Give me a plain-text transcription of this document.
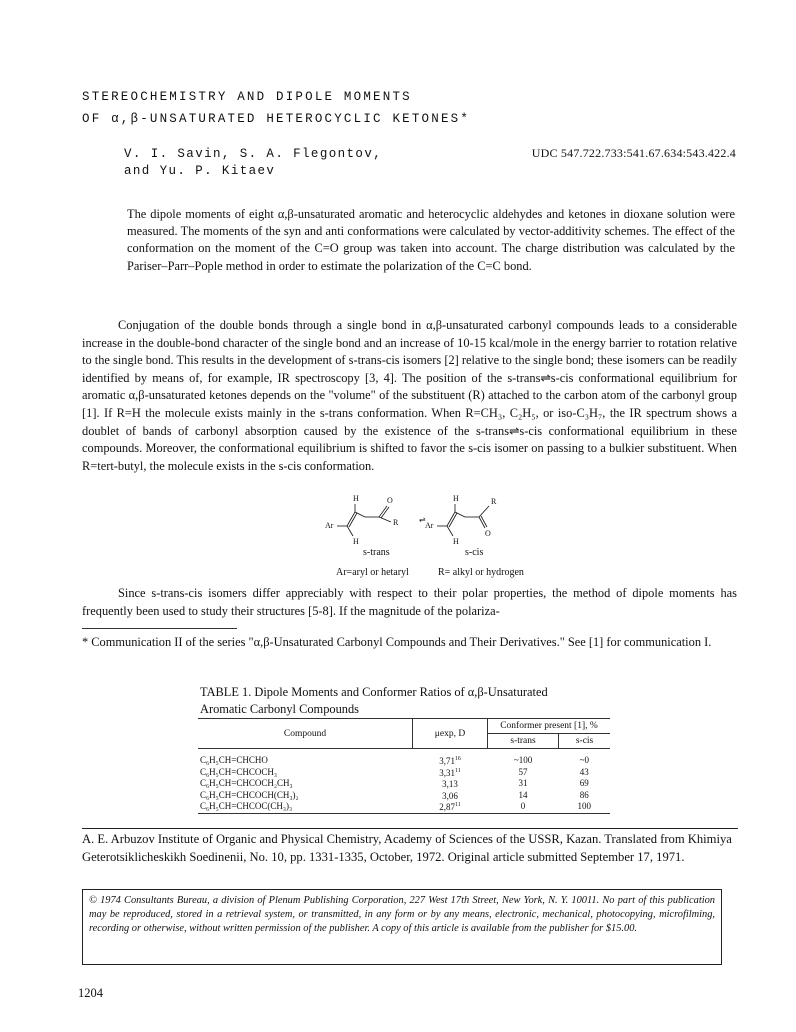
STEREOCHEMISTRY AND DIPOLE MOMENTS
OF α,β-UNSATURATED HETEROCYCLIC KETONES*
V. I. Savin, S. A. Flegontov,
and Yu. P. Kitaev
UDC 547.722.733:541.67.634:543.422.4
The dipole moments of eight α,β-unsaturated aromatic and heterocyclic aldehydes and ketones in dioxane solution were measured. The moments of the syn and anti conformations were calculated by vector-additivity schemes. The effect of the conformation on the moment of the C=O group was taken into account. The charge distribution was calculated by the Pariser–Parr–Pople method in order to estimate the polarization of the C=C bond.
Conjugation of the double bonds through a single bond in α,β-unsaturated carbonyl compounds leads to a considerable increase in the double-bond character of the single bond and an increase of 10-15 kcal/mole in the energy barrier to rotation relative to the single bond. This results in the development of s-trans-cis isomers [2] relative to the single bond; these isomers can be readily identified by means of, for example, IR spectroscopy [3, 4]. The position of the s-trans⇌s-cis conformational equilibrium for aromatic α,β-unsaturated ketones depends on the "volume" of the substituent (R) attached to the carbon atom of the carbonyl group [1]. If R=H the molecule exists mainly in the s-trans conformation. When R=CH₃, C₂H₅, or iso-C₃H₇, the IR spectrum shows a doublet of bands of carbonyl absorption caused by the existence of the s-trans⇌s-cis conformational equilibrium in these compounds. Moreover, the conformational equilibrium is shifted to favor the s-cis isomer on passing to a bulkier substituent. When R=tert-butyl, the molecule exists in the s-cis conformation.
H	O
R
Ar
H
⇌
H	R
O
Ar
H
s-trans	s-cis
Ar=aryl or hetaryl	R= alkyl or hydrogen
Since s-trans-cis isomers differ appreciably with respect to their polar properties, the method of dipole moments has frequently been used to study their structures [5-8]. If the magnitude of the polariza-
* Communication II of the series "α,β-Unsaturated Carbonyl Compounds and Their Derivatives." See [1] for communication I.
TABLE 1. Dipole Moments and Conformer Ratios of α,β-Unsaturated
Aromatic Carbonyl Compounds
Compound	μexp, D	Conformer present [1], %	
		s-trans	s-cis

C₆H₅CH=CHCHO	3,71$^{16}$	~100	~0
C₆H₅CH=CHCOCH₃	3,31$^{11}$	57	43
C₆H₅CH=CHCOCH₂CH₃	3,13	31	69
C₆H₅CH=CHCOCH(CH₃)₂	3,06	14	86
C₆H₅CH=CHCOC(CH₃)₃	2,87$^{11}$	0	100
A. E. Arbuzov Institute of Organic and Physical Chemistry, Academy of Sciences of the USSR, Kazan. Translated from Khimiya Geterotsiklicheskikh Soedinenii, No. 10, pp. 1331-1335, October, 1972. Original article submitted September 17, 1971.
© 1974 Consultants Bureau, a division of Plenum Publishing Corporation, 227 West 17th Street, New York, N. Y. 10011. No part of this publication may be reproduced, stored in a retrieval system, or transmitted, in any form or by any means, electronic, mechanical, photocopying, microfilming, recording or otherwise, without written permission of the publisher. A copy of this article is available from the publisher for $15.00.
1204
